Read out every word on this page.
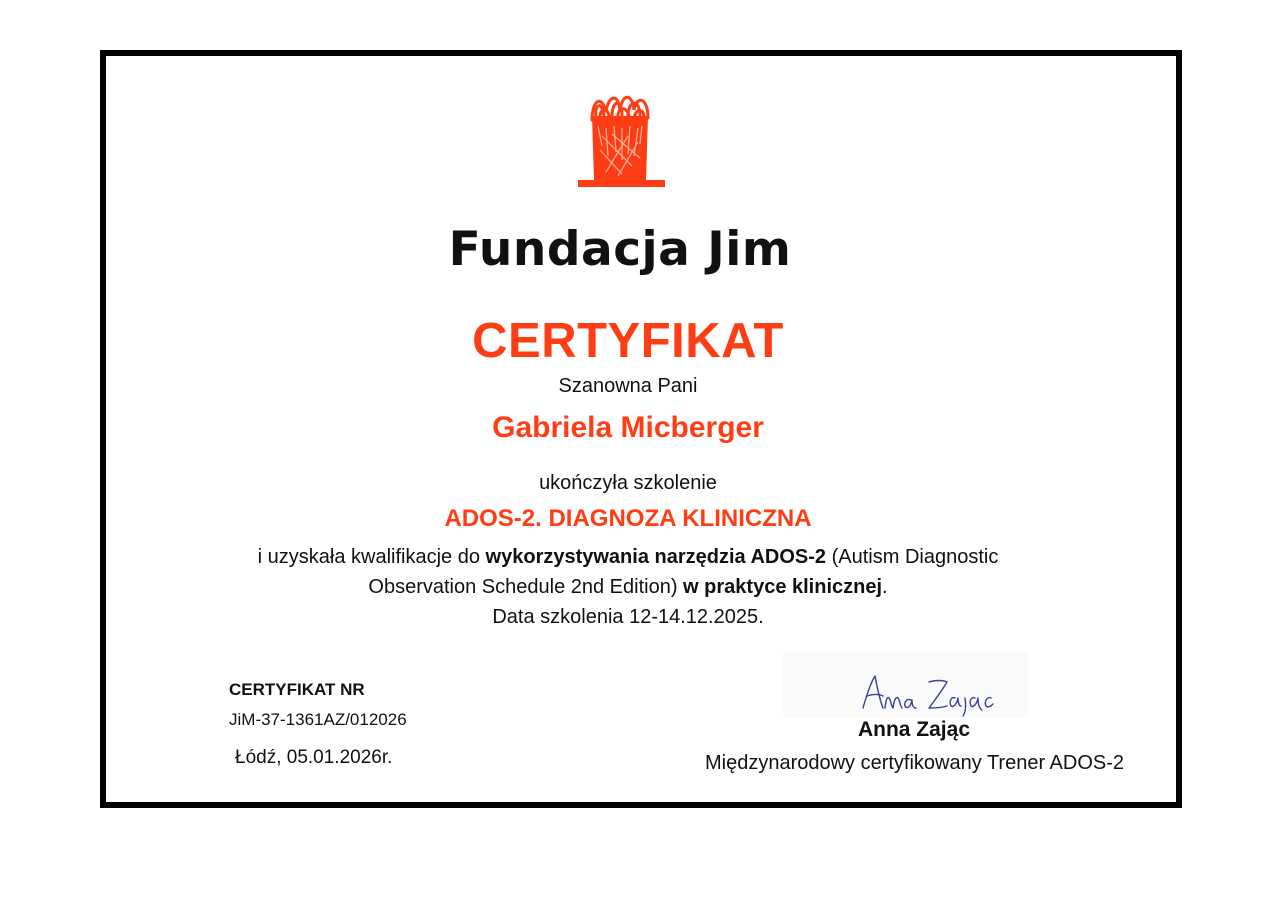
Fundacja Jim
CERTYFIKAT
Szanowna Pani
Gabriela Micberger
ukończyła szkolenie
ADOS-2. DIAGNOZA KLINICZNA
i uzyskała kwalifikacje do wykorzystywania narzędzia ADOS-2 (Autism Diagnostic Observation Schedule 2nd Edition) w praktyce klinicznej.
Data szkolenia 12-14.12.2025.
CERTYFIKAT NR
JiM-37-1361AZ/012026
Łódź, 05.01.2026r.
Anna Zając
Międzynarodowy certyfikowany Trener ADOS-2
